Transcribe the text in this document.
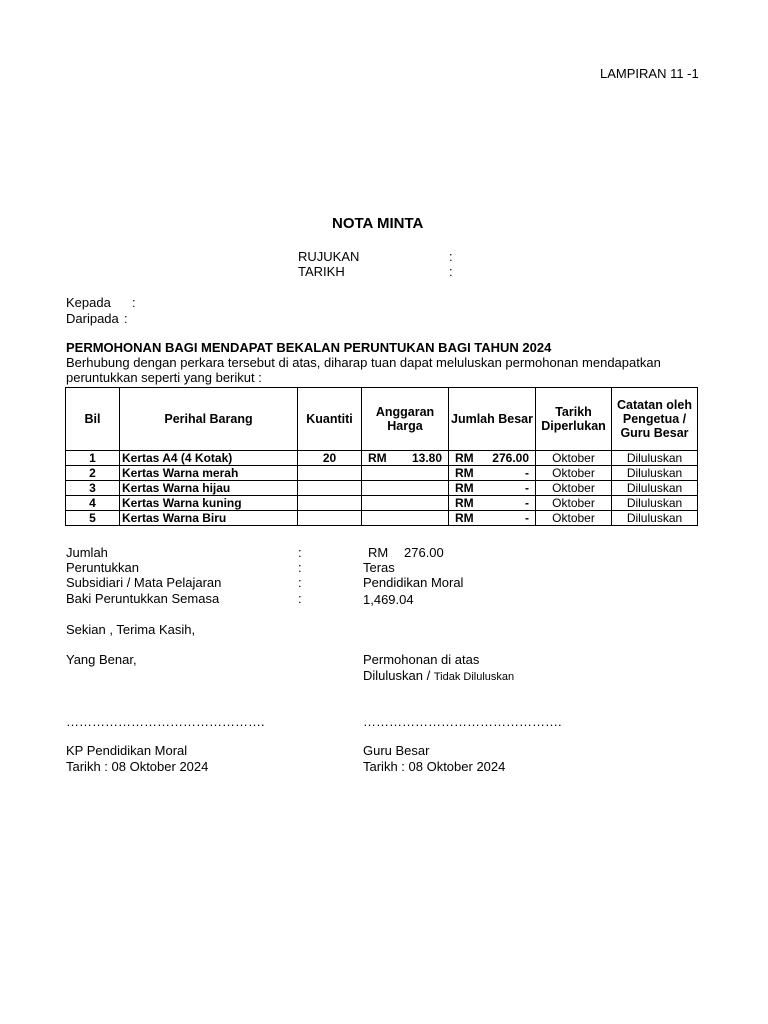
LAMPIRAN 11 -1
NOTA MINTA
RUJUKAN	:
TARIKH	:
Kepada :
Daripada :
PERMOHONAN BAGI MENDAPAT BEKALAN PERUNTUKAN BAGI TAHUN 2024
Berhubung dengan perkara tersebut di atas, diharap tuan dapat meluluskan permohonan mendapatkan
peruntukkan seperti yang berikut :
Bil	Perihal Barang	Kuantiti	Anggaran Harga	Jumlah Besar	Tarikh Diperlukan	Catatan oleh Pengetua / Guru Besar
1	Kertas A4 (4 Kotak)	20	RM 13.80	RM 276.00	Oktober	Diluluskan
2	Kertas Warna merah			RM -	Oktober	Diluluskan
3	Kertas Warna hijau			RM -	Oktober	Diluluskan
4	Kertas Warna kuning			RM -	Oktober	Diluluskan
5	Kertas Warna Biru			RM -	Oktober	Diluluskan
Jumlah	:	RM 276.00
Peruntukkan	:	Teras
Subsidiari / Mata Pelajaran	:	Pendidikan Moral
Baki Peruntukkan Semasa	:	1,469.04
Sekian , Terima Kasih,
Yang Benar,	Permohonan di atas
Diluluskan / Tidak Diluluskan
……………………………………….	……………………………………….
KP Pendidikan Moral
Tarikh : 08 Oktober 2024
Guru Besar
Tarikh : 08 Oktober 2024
